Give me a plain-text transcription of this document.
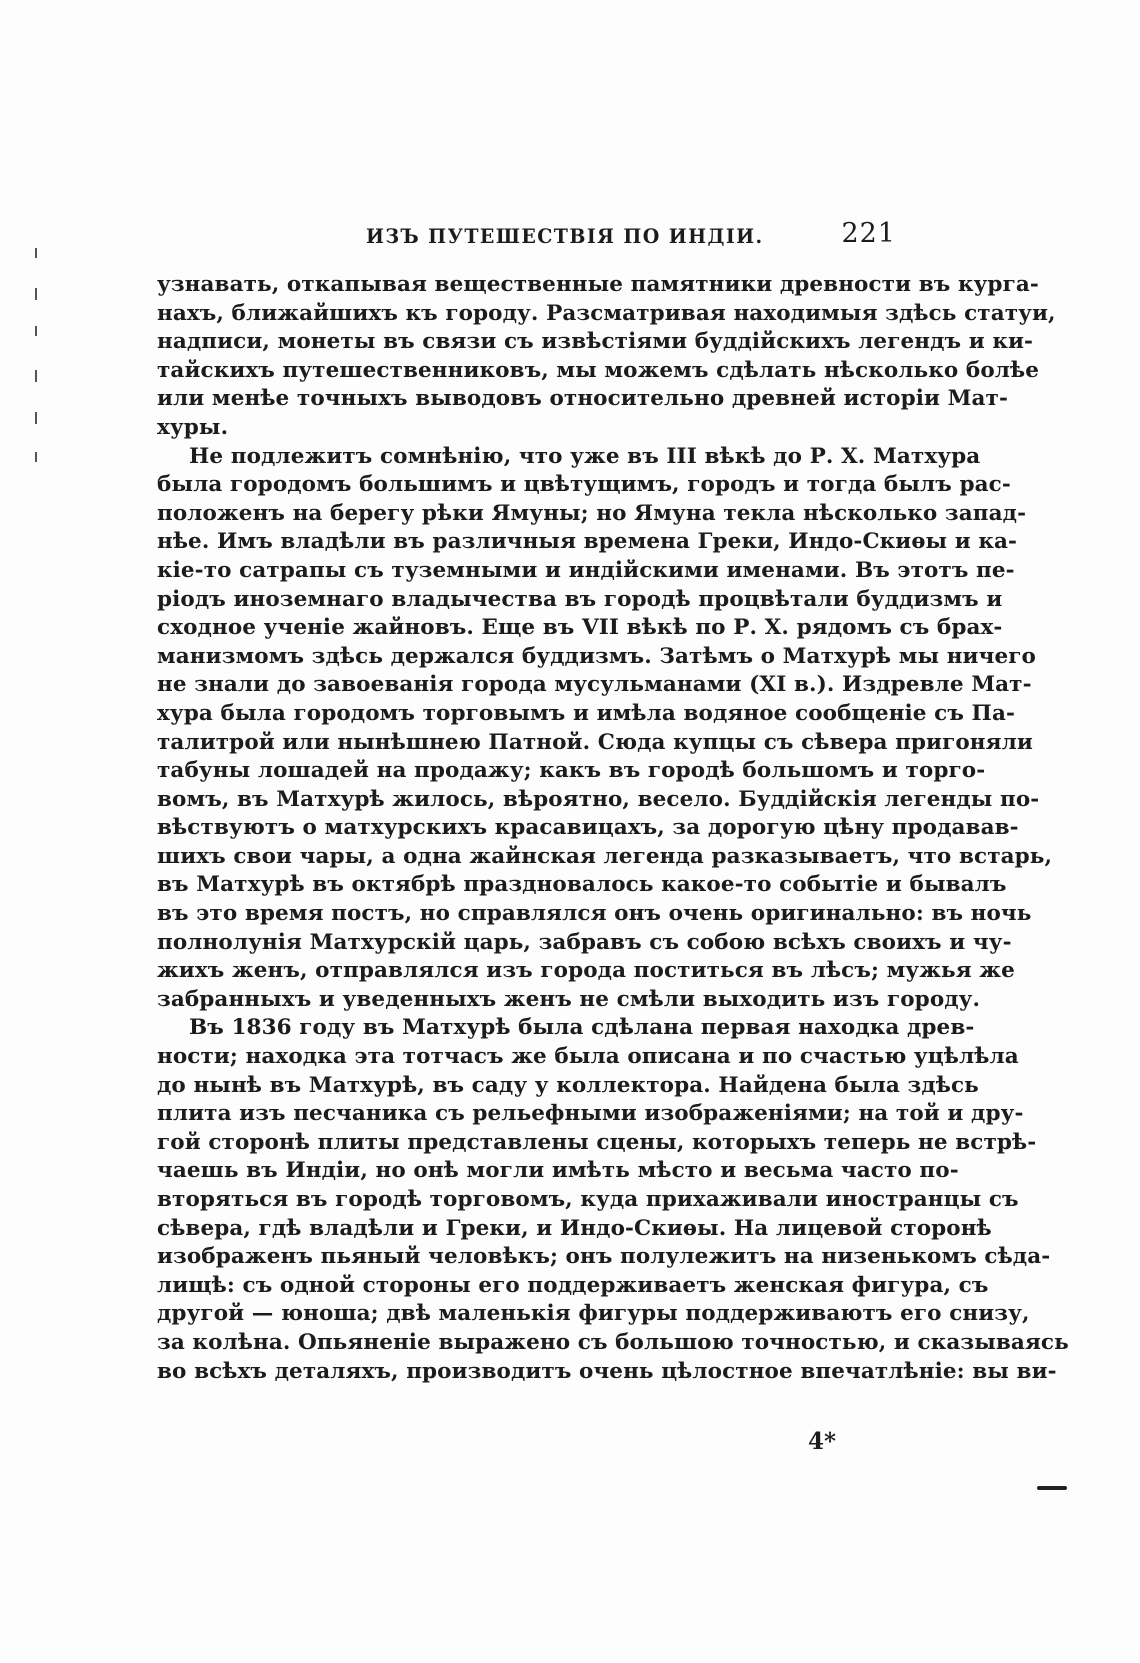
ИЗЪ ПУТЕШЕСТВІЯ ПО ИНДІИ.	221
узнавать, откапывая вещественные памятники древности въ курга-
нахъ, ближайшихъ къ городу. Разсматривая находимыя здѣсь статуи,
надписи, монеты въ связи съ извѣстіями буддійскихъ легендъ и ки-
тайскихъ путешественниковъ, мы можемъ сдѣлать нѣсколько болѣе
или менѣе точныхъ выводовъ относительно древней исторіи Мат-
хуры.
Не подлежитъ сомнѣнію, что уже въ III вѣкѣ до Р. Х. Матхура
была городомъ большимъ и цвѣтущимъ, городъ и тогда былъ рас-
положенъ на берегу рѣки Ямуны; но Ямуна текла нѣсколько запад-
нѣе. Имъ владѣли въ различныя времена Греки, Индо-Скиѳы и ка-
кіе-то сатрапы съ туземными и индійскими именами. Въ этотъ пе-
ріодъ иноземнаго владычества въ городѣ процвѣтали буддизмъ и
сходное ученіе жайновъ. Еще въ VII вѣкѣ по Р. Х. рядомъ съ брах-
манизмомъ здѣсь держался буддизмъ. Затѣмъ о Матхурѣ мы ничего
не знали до завоеванія города мусульманами (XI в.). Издревле Мат-
хура была городомъ торговымъ и имѣла водяное сообщеніе съ Па-
талитрой или нынѣшнею Патной. Сюда купцы съ сѣвера пригоняли
табуны лошадей на продажу; какъ въ городѣ большомъ и торго-
вомъ, въ Матхурѣ жилось, вѣроятно, весело. Буддійскія легенды по-
вѣствуютъ о матхурскихъ красавицахъ, за дорогую цѣну продавав-
шихъ свои чары, а одна жайнская легенда разказываетъ, что встарь,
въ Матхурѣ въ октябрѣ праздновалось какое-то событіе и бывалъ
въ это время постъ, но справлялся онъ очень оригинально: въ ночь
полнолунія Матхурскій царь, забравъ съ собою всѣхъ своихъ и чу-
жихъ женъ, отправлялся изъ города поститься въ лѣсъ; мужья же
забранныхъ и уведенныхъ женъ не смѣли выходить изъ городу.
Въ 1836 году въ Матхурѣ была сдѣлана первая находка древ-
ности; находка эта тотчасъ же была описана и по счастью уцѣлѣла
до нынѣ въ Матхурѣ, въ саду у коллектора. Найдена была здѣсь
плита изъ песчаника съ рельефными изображеніями; на той и дру-
гой сторонѣ плиты представлены сцены, которыхъ теперь не встрѣ-
чаешь въ Индіи, но онѣ могли имѣть мѣсто и весьма часто по-
вторяться въ городѣ торговомъ, куда прихаживали иностранцы съ
сѣвера, гдѣ владѣли и Греки, и Индо-Скиѳы. На лицевой сторонѣ
изображенъ пьяный человѣкъ; онъ полулежитъ на низенькомъ сѣда-
лищѣ: съ одной стороны его поддерживаетъ женская фигура, съ
другой — юноша; двѣ маленькія фигуры поддерживаютъ его снизу,
за колѣна. Опьяненіе выражено съ большою точностью, и сказываясь
во всѣхъ деталяхъ, производитъ очень цѣлостное впечатлѣніе: вы ви-
4*
